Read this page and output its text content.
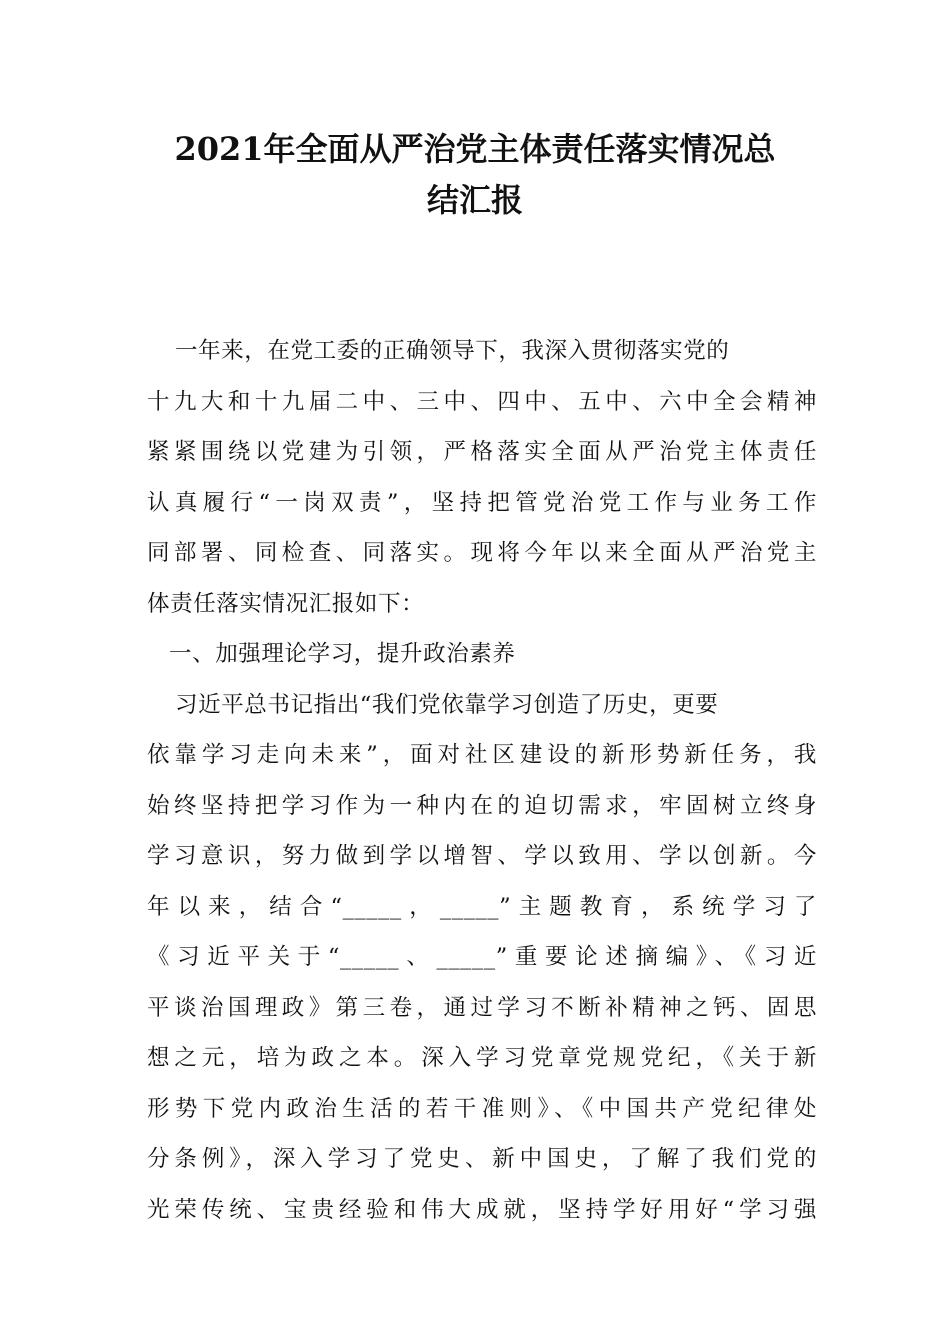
2021年全面从严治党主体责任落实情况总
结汇报
一年来，在党工委的正确领导下，我深入贯彻落实党的
十九大和十九届二中、三中、四中、五中、六中全会精神
紧紧围绕以党建为引领，严格落实全面从严治党主体责任
认真履行“一岗双责”，坚持把管党治党工作与业务工作
同部署、同检查、同落实。现将今年以来全面从严治党主
体责任落实情况汇报如下：
一、加强理论学习，提升政治素养
习近平总书记指出“我们党依靠学习创造了历史，更要
依靠学习走向未来”，面对社区建设的新形势新任务，我
始终坚持把学习作为一种内在的迫切需求，牢固树立终身
学习意识，努力做到学以增智、学以致用、学以创新。今
年以来，结合“_____，_____”主题教育，系统学习了
《习近平关于“_____、_____”重要论述摘编》、《习近
平谈治国理政》第三卷，通过学习不断补精神之钙、固思
想之元，培为政之本。深入学习党章党规党纪，《关于新
形势下党内政治生活的若干准则》、《中国共产党纪律处
分条例》，深入学习了党史、新中国史，了解了我们党的
光荣传统、宝贵经验和伟大成就，坚持学好用好“学习强
